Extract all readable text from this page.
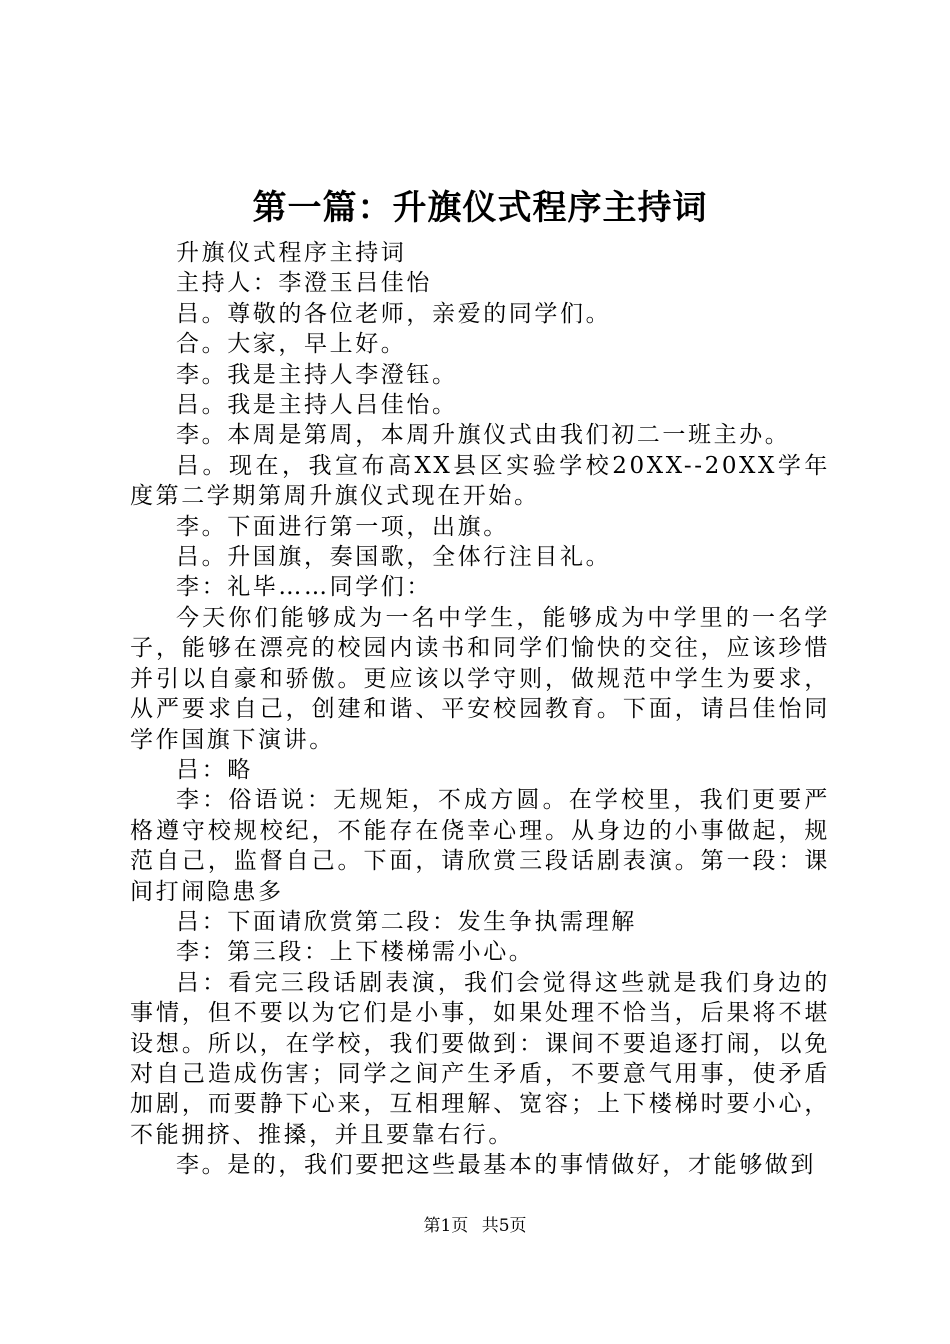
第一篇：升旗仪式程序主持词

升旗仪式程序主持词

主持人：李澄玉吕佳怡

吕。尊敬的各位老师，亲爱的同学们。

合。大家，早上好。

李。我是主持人李澄钰。

吕。我是主持人吕佳怡。

李。本周是第周，本周升旗仪式由我们初二一班主办。

吕。现在，我宣布高XX县区实验学校20XX--20XX学年度第二学期第周升旗仪式现在开始。

李。下面进行第一项，出旗。

吕。升国旗，奏国歌，全体行注目礼。

李：礼毕……同学们：

今天你们能够成为一名中学生，能够成为中学里的一名学子，能够在漂亮的校园内读书和同学们愉快的交往，应该珍惜并引以自豪和骄傲。更应该以学守则，做规范中学生为要求，从严要求自己，创建和谐、平安校园教育。下面，请吕佳怡同学作国旗下演讲。

吕：略

李：俗语说：无规矩，不成方圆。在学校里，我们更要严格遵守校规校纪，不能存在侥幸心理。从身边的小事做起，规范自己，监督自己。下面，请欣赏三段话剧表演。第一段：课间打闹隐患多

吕：下面请欣赏第二段：发生争执需理解

李：第三段：上下楼梯需小心。

吕：看完三段话剧表演，我们会觉得这些就是我们身边的事情，但不要以为它们是小事，如果处理不恰当，后果将不堪设想。所以，在学校，我们要做到：课间不要追逐打闹，以免对自己造成伤害；同学之间产生矛盾，不要意气用事，使矛盾加剧，而要静下心来，互相理解、宽容；上下楼梯时要小心，不能拥挤、推搡，并且要靠右行。

李。是的，我们要把这些最基本的事情做好，才能够做到

第1页 共5页
